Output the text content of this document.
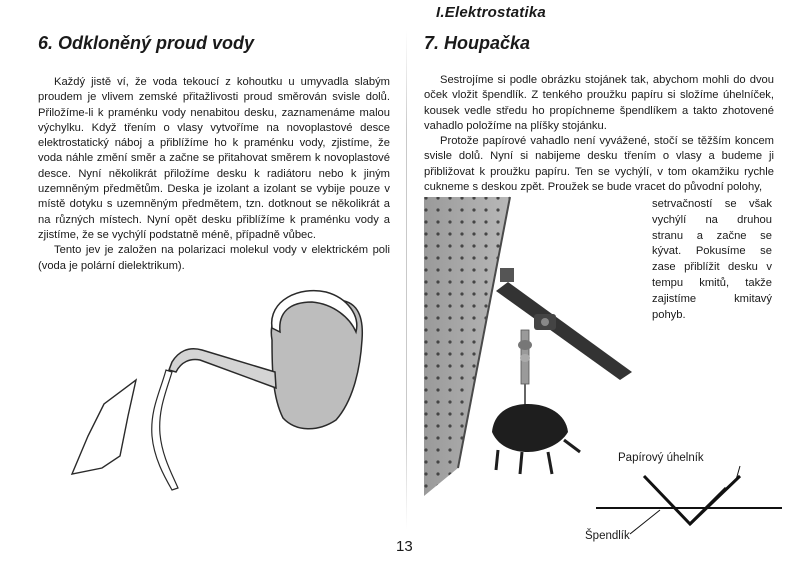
I.Elektrostatika
6. Odkloněný proud vody

Každý jistě ví, že voda tekoucí z kohoutku u umyvadla slabým proudem je vlivem zemské přitažlivosti proud směrován svisle dolů. Přiložíme-li k praménku vody nenabitou desku, zaznamenáme malou výchylku. Když třením o vlasy vytvoříme na novoplastové desce elektrostatický náboj a přiblížíme ho k praménku vody, zjistíme, že voda náhle změní směr a začne se přitahovat směrem k novoplastové desce. Nyní několikrát přiložíme desku k radiátoru nebo k jiným uzemněným předmětům. Deska je izolant a izolant se vybije pouze v místě dotyku s uzemněným předmětem, tzn. dotknout se několikrát a na různých místech. Nyní opět desku přiblížíme k praménku vody a zjistíme, že se vychýlí podstatně méně, případně vůbec.

Tento jev je založen na polarizaci molekul vody v elektrickém poli (voda je polární dielektrikum).

7. Houpačka

Sestrojíme si podle obrázku stojánek tak, abychom mohli do dvou oček vložit špendlík. Z tenkého proužku papíru si složíme úhelníček, kousek vedle středu ho propíchneme špendlíkem a takto zhotovené vahadlo položíme na plíšky stojánku.

Protože papírové vahadlo není vyvážené, stočí se těžším koncem svisle dolů. Nyní si nabijeme desku třením o vlasy a budeme ji přibližovat k proužku papíru. Ten se vychýlí, v tom okamžiku rychle cukneme s deskou zpět. Proužek se bude vracet do původní polohy,

setrvačností se však vychýlí na druhou stranu a začne se kývat. Pokusíme se zase přiblížit desku v tempu kmitů, takže zajistíme kmitavý pohyb.
Papírový úhelník
Špendlík
13
